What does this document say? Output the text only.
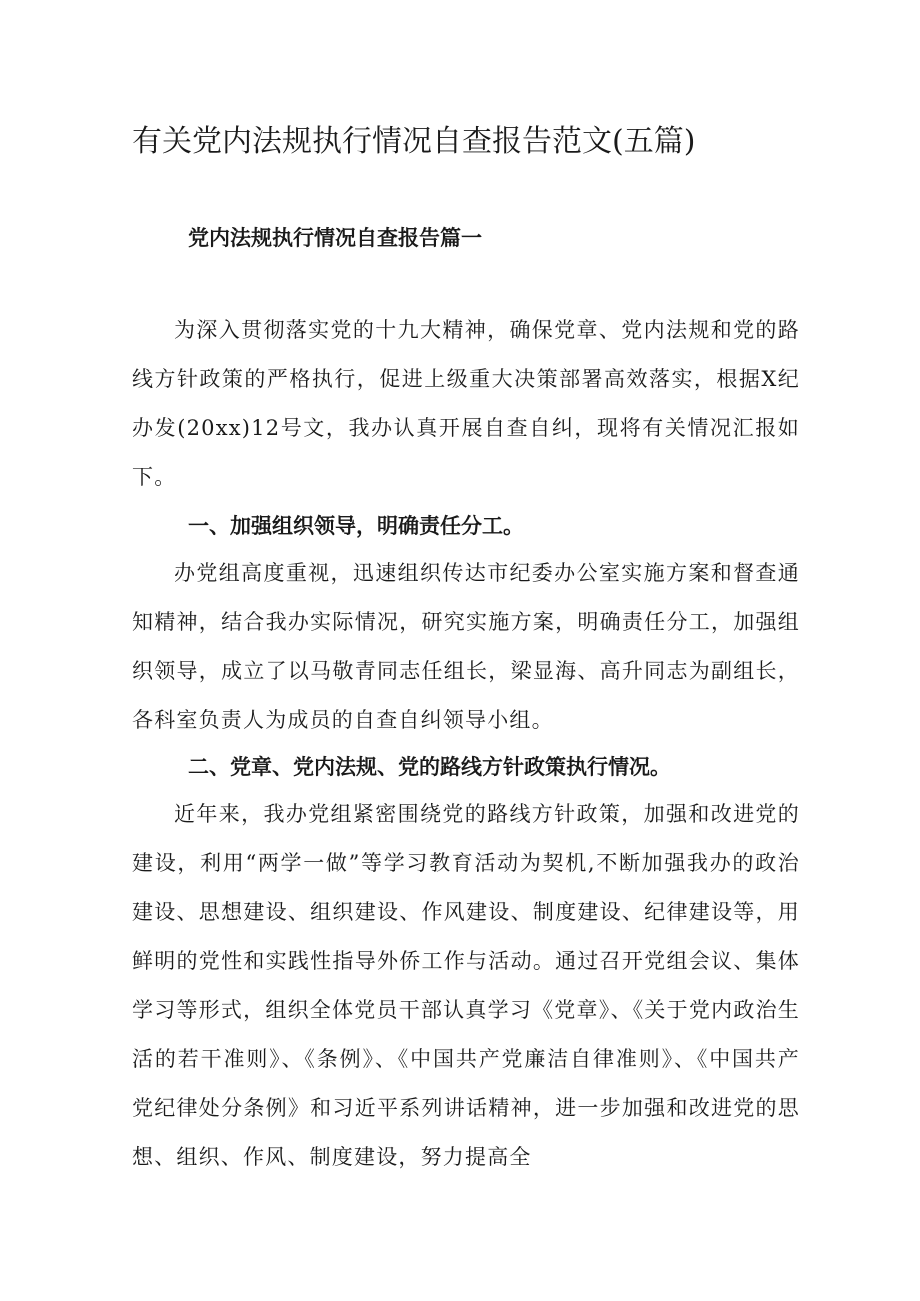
有关党内法规执行情况自查报告范文(五篇)
党内法规执行情况自查报告篇一

为深入贯彻落实党的十九大精神，确保党章、党内法规和党的路线方针政策的严格执行，促进上级重大决策部署高效落实，根据X纪办发(20xx)12号文，我办认真开展自查自纠，现将有关情况汇报如下。

一、加强组织领导，明确责任分工。

办党组高度重视，迅速组织传达市纪委办公室实施方案和督查通知精神，结合我办实际情况，研究实施方案，明确责任分工，加强组织领导，成立了以马敬青同志任组长，梁显海、高升同志为副组长，各科室负责人为成员的自查自纠领导小组。

二、党章、党内法规、党的路线方针政策执行情况。

近年来，我办党组紧密围绕党的路线方针政策，加强和改进党的建设，利用“两学一做”等学习教育活动为契机,不断加强我办的政治建设、思想建设、组织建设、作风建设、制度建设、纪律建设等，用鲜明的党性和实践性指导外侨工作与活动。通过召开党组会议、集体学习等形式，组织全体党员干部认真学习《党章》、《关于党内政治生活的若干准则》、《条例》、《中国共产党廉洁自律准则》、《中国共产党纪律处分条例》和习近平系列讲话精神，进一步加强和改进党的思想、组织、作风、制度建设，努力提高全
